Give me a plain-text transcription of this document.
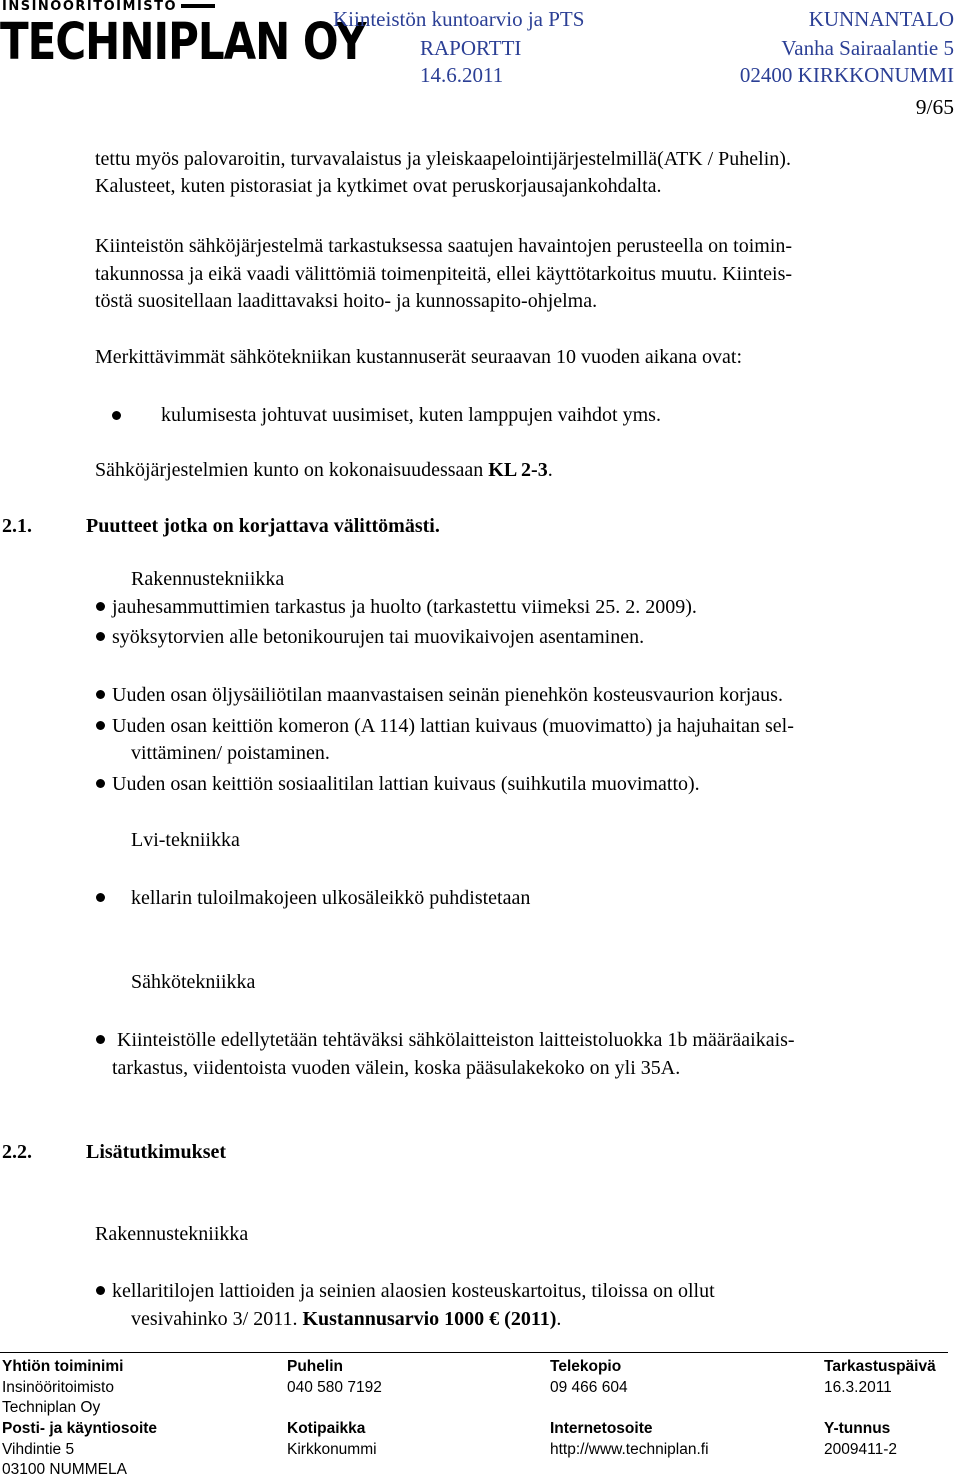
INSINÖÖRITOIMISTO
TECHNIPLAN OY
Kiinteistön kuntoarvio ja PTS
RAPORTTI
14.6.2011
KUNNANTALO
Vanha Sairaalantie 5
02400 KIRKKONUMMI
9/65
tettu myös palovaroitin, turvavalaistus ja yleiskaapelointijärjestelmillä(ATK / Puhelin).
Kalusteet, kuten pistorasiat ja kytkimet ovat peruskorjausajankohdalta.
Kiinteistön sähköjärjestelmä tarkastuksessa saatujen havaintojen perusteella on toimin-
takunnossa ja eikä vaadi välittömiä toimenpiteitä, ellei käyttötarkoitus muutu. Kiinteis-
töstä suositellaan laadittavaksi hoito- ja kunnossapito-ohjelma.
Merkittävimmät sähkötekniikan kustannuserät seuraavan 10 vuoden aikana ovat:
kulumisesta johtuvat uusimiset, kuten lamppujen vaihdot yms.
Sähköjärjestelmien kunto on kokonaisuudessaan KL 2-3.
2.1.	Puutteet jotka on korjattava välittömästi.
Rakennustekniikka
jauhesammuttimien tarkastus ja huolto (tarkastettu viimeksi 25. 2. 2009).
syöksytorvien alle betonikourujen tai muovikaivojen asentaminen.
Uuden osan öljysäiliötilan maanvastaisen seinän pienehkön kosteusvaurion korjaus.
Uuden osan keittiön komeron (A 114) lattian kuivaus (muovimatto) ja hajuhaitan sel-
vittäminen/ poistaminen.
Uuden osan keittiön sosiaalitilan lattian kuivaus (suihkutila muovimatto).
Lvi-tekniikka
kellarin tuloilmakojeen ulkosäleikkö puhdistetaan
Sähkötekniikka
Kiinteistölle edellytetään tehtäväksi sähkölaitteiston laitteistoluokka 1b määräaikais-
tarkastus, viidentoista vuoden välein, koska pääsulakekoko on yli 35A.
2.2.	Lisätutkimukset
Rakennustekniikka
kellaritilojen lattioiden ja seinien alaosien kosteuskartoitus, tiloissa on ollut
vesivahinko 3/ 2011. Kustannusarvio 1000 € (2011).
Yhtiön toiminimi	Puhelin	Telekopio	Tarkastuspäivä
Insinööritoimisto	040 580 7192	09 466 604	16.3.2011
Techniplan Oy
Posti- ja käyntiosoite	Kotipaikka	Internetosoite	Y-tunnus
Vihdintie 5	Kirkkonummi	http://www.techniplan.fi	2009411-2
03100 NUMMELA
